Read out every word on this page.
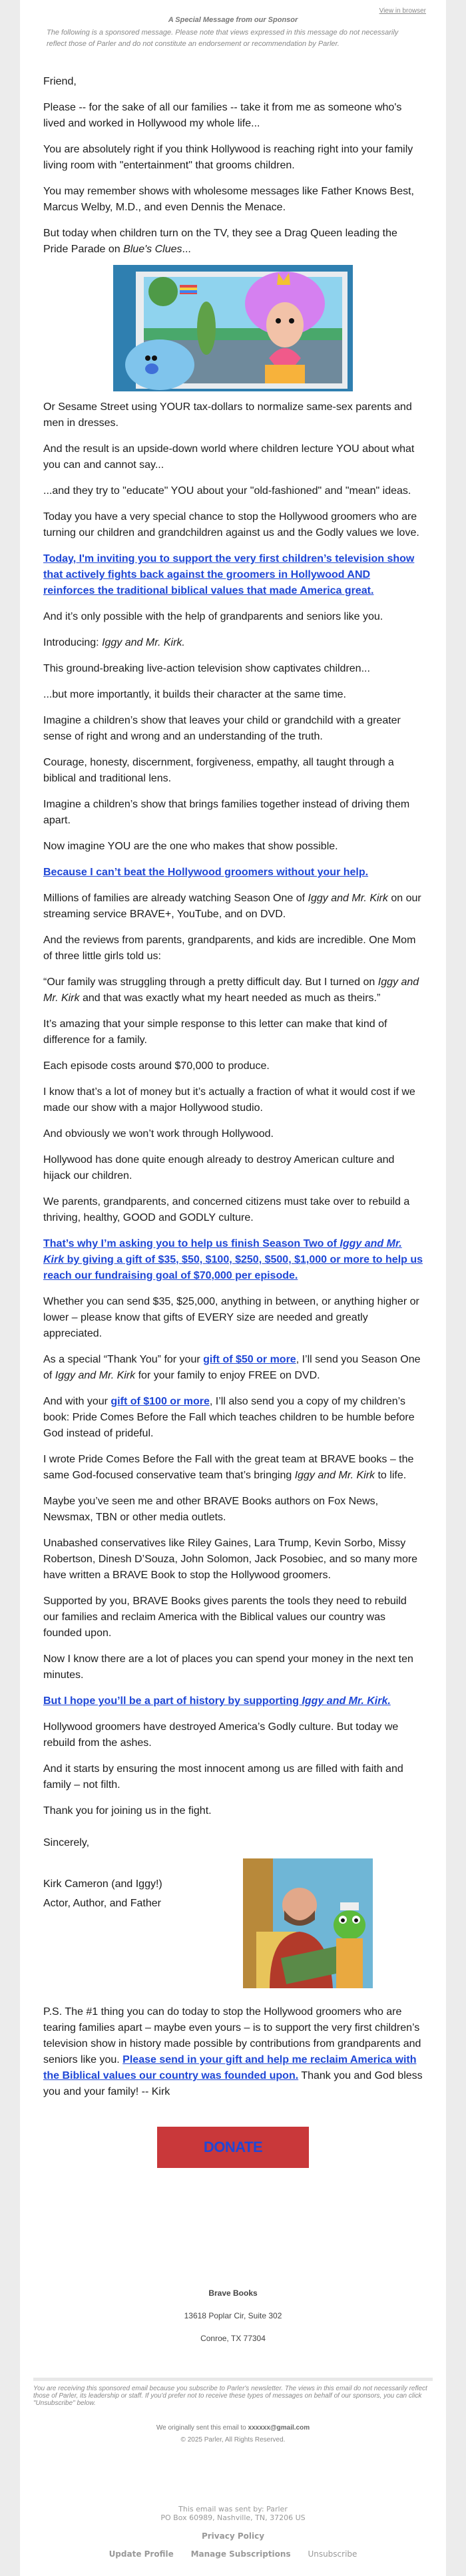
View in browser
A Special Message from our Sponsor
The following is a sponsored message. Please note that views expressed in this message do not necessarily reflect those of Parler and do not constitute an endorsement or recommendation by Parler.

Friend,

Please -- for the sake of all our families -- take it from me as someone who's lived and worked in Hollywood my whole life...

You are absolutely right if you think Hollywood is reaching right into your family living room with "entertainment" that grooms children.

You may remember shows with wholesome messages like Father Knows Best, Marcus Welby, M.D., and even Dennis the Menace.

But today when children turn on the TV, they see a Drag Queen leading the Pride Parade on Blue's Clues...

Or Sesame Street using YOUR tax-dollars to normalize same-sex parents and men in dresses.

And the result is an upside-down world where children lecture YOU about what you can and cannot say...

...and they try to "educate" YOU about your "old-fashioned" and "mean" ideas.

Today you have a very special chance to stop the Hollywood groomers who are turning our children and grandchildren against us and the Godly values we love.

Today, I'm inviting you to support the very first children’s television show that actively fights back against the groomers in Hollywood AND reinforces the traditional biblical values that made America great.

And it’s only possible with the help of grandparents and seniors like you.

Introducing: Iggy and Mr. Kirk.

This ground-breaking live-action television show captivates children...

...but more importantly, it builds their character at the same time.

Imagine a children’s show that leaves your child or grandchild with a greater sense of right and wrong and an understanding of the truth.

Courage, honesty, discernment, forgiveness, empathy, all taught through a biblical and traditional lens.

Imagine a children’s show that brings families together instead of driving them apart.

Now imagine YOU are the one who makes that show possible.

Because I can’t beat the Hollywood groomers without your help.

Millions of families are already watching Season One of Iggy and Mr. Kirk on our streaming service BRAVE+, YouTube, and on DVD.

And the reviews from parents, grandparents, and kids are incredible. One Mom of three little girls told us:

“Our family was struggling through a pretty difficult day. But I turned on Iggy and Mr. Kirk and that was exactly what my heart needed as much as theirs.”

It’s amazing that your simple response to this letter can make that kind of difference for a family.

Each episode costs around $70,000 to produce.

I know that’s a lot of money but it’s actually a fraction of what it would cost if we made our show with a major Hollywood studio.

And obviously we won’t work through Hollywood.

Hollywood has done quite enough already to destroy American culture and hijack our children.

We parents, grandparents, and concerned citizens must take over to rebuild a thriving, healthy, GOOD and GODLY culture.

That’s why I’m asking you to help us finish Season Two of Iggy and Mr. Kirk by giving a gift of $35, $50, $100, $250, $500, $1,000 or more to help us reach our fundraising goal of $70,000 per episode.

Whether you can send $35, $25,000, anything in between, or anything higher or lower – please know that gifts of EVERY size are needed and greatly appreciated.

As a special “Thank You” for your gift of $50 or more, I’ll send you Season One of Iggy and Mr. Kirk for your family to enjoy FREE on DVD.

And with your gift of $100 or more, I’ll also send you a copy of my children’s book: Pride Comes Before the Fall which teaches children to be humble before God instead of prideful.

I wrote Pride Comes Before the Fall with the great team at BRAVE books – the same God-focused conservative team that’s bringing Iggy and Mr. Kirk to life.

Maybe you’ve seen me and other BRAVE Books authors on Fox News, Newsmax, TBN or other media outlets.

Unabashed conservatives like Riley Gaines, Lara Trump, Kevin Sorbo, Missy Robertson, Dinesh D’Souza, John Solomon, Jack Posobiec, and so many more have written a BRAVE Book to stop the Hollywood groomers.

Supported by you, BRAVE Books gives parents the tools they need to rebuild our families and reclaim America with the Biblical values our country was founded upon.

Now I know there are a lot of places you can spend your money in the next ten minutes.

But I hope you’ll be a part of history by supporting Iggy and Mr. Kirk.

Hollywood groomers have destroyed America’s Godly culture. But today we rebuild from the ashes.

And it starts by ensuring the most innocent among us are filled with faith and family – not filth.

Thank you for joining us in the fight.

Sincerely,

Kirk Cameron (and Iggy!)
Actor, Author, and Father

P.S. The #1 thing you can do today to stop the Hollywood groomers who are tearing families apart – maybe even yours – is to support the very first children’s television show in history made possible by contributions from grandparents and seniors like you. Please send in your gift and help me reclaim America with the Biblical values our country was founded upon. Thank you and God bless you and your family! -- Kirk

DONATE
Brave Books
13618 Poplar Cir, Suite 302
Conroe, TX 77304
You are receiving this sponsored email because you subscribe to Parler's newsletter. The views in this email do not necessarily reflect those of Parler, its leadership or staff. If you'd prefer not to receive these types of messages on behalf of our sponsors, you can click "Unsubscribe" below.
We originally sent this email to xxxxxx@gmail.com
© 2025 Parler, All Rights Reserved.
This email was sent by: Parler
PO Box 60989, Nashville, TN, 37206 US
Privacy Policy
Update Profile Manage Subscriptions Unsubscribe
